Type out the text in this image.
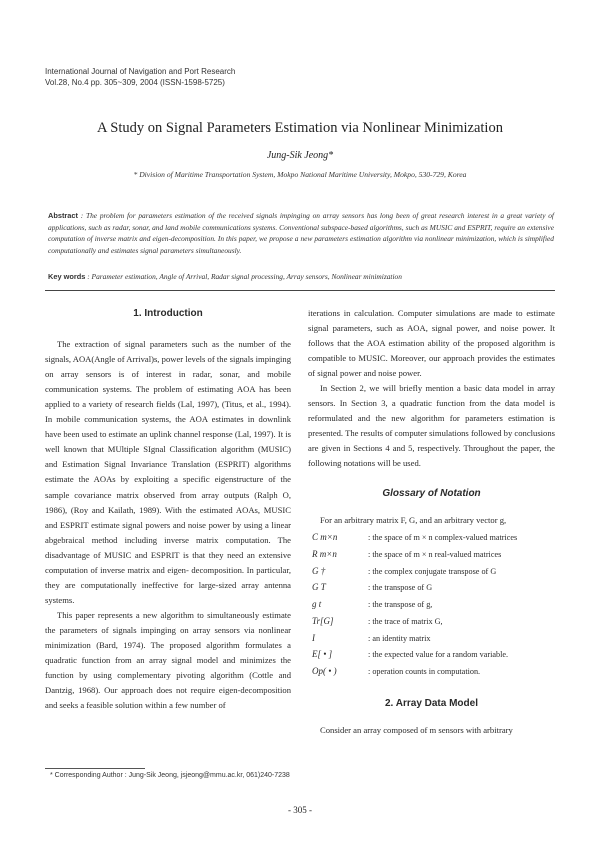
International Journal of Navigation and Port Research
Vol.28, No.4 pp. 305~309, 2004 (ISSN-1598-5725)
A Study on Signal Parameters Estimation via Nonlinear Minimization
Jung-Sik Jeong*
* Division of Maritime Transportation System, Mokpo National Maritime University, Mokpo, 530-729, Korea
Abstract : The problem for parameters estimation of the received signals impinging on array sensors has long been of great research interest in a great variety of applications, such as radar, sonar, and land mobile communications systems. Conventional subspace-based algorithms, such as MUSIC and ESPRIT, require an extensive computation of inverse matrix and eigen-decomposition. In this paper, we propose a new parameters estimation algorithm via nonlinear minimization, which is simplified computationally and estimates signal parameters simultaneously.
Key words : Parameter estimation, Angle of Arrival, Radar signal processing, Array sensors, Nonlinear minimization
1. Introduction

The extraction of signal parameters such as the number of the signals, AOA(Angle of Arrival)s, power levels of the signals impinging on array sensors is of interest in radar, sonar, and mobile communication systems. The problem of estimating AOA has been applied to a variety of research fields (Lal, 1997), (Titus, et al., 1994). In mobile communication systems, the AOA estimates in downlink have been used to estimate an uplink channel response (Lal, 1997). It is well known that MUltiple SIgnal Classification algorithm (MUSIC) and Estimation Signal Invariance Translation (ESPRIT) algorithms estimate the AOAs by exploiting a specific eigenstructure of the sample covariance matrix observed from array outputs (Ralph O, 1986), (Roy and Kailath, 1989). With the estimated AOAs, MUSIC and ESPRIT estimate signal powers and noise power by using a linear abgebraical method including inverse matrix computation. The disadvantage of MUSIC and ESPRIT is that they need an extensive computation of inverse matrix and eigen- decomposition. In particular, they are computationally ineffective for large-sized array antenna systems.

This paper represents a new algorithm to simultaneously estimate the parameters of signals impinging on array sensors via nonlinear minimization (Bard, 1974). The proposed algorithm formulates a quadratic function from an array signal model and minimizes the function by using complementary pivoting algorithm (Cottle and Dantzig, 1968). Our approach does not require eigen-decomposition and seeks a feasible solution within a few number of

iterations in calculation. Computer simulations are made to estimate signal parameters, such as AOA, signal power, and noise power. It follows that the AOA estimation ability of the proposed algorithm is compatible to MUSIC. Moreover, our approach provides the estimates of signal power and noise power.

In Section 2, we will briefly mention a basic data model in array sensors. In Section 3, a quadratic function from the data model is reformulated and the new algorithm for parameters estimation is presented. The results of computer simulations followed by conclusions are given in Sections 4 and 5, respectively. Throughout the paper, the following notations will be used.

Glossary of Notation

For an arbitrary matrix F, G, and an arbitrary vector g,

C m×n	: the space of m × n complex-valued matrices
R m×n	: the space of m × n real-valued matrices
G †	: the complex conjugate transpose of G
G T	: the transpose of G
g t	: the transpose of g,
Tr[G]	: the trace of matrix G,
I	: an identity matrix
E[ • ]	: the expected value for a random variable.
Op( • )	: operation counts in computation.
2. Array Data Model

Consider an array composed of m sensors with arbitrary

* Corresponding Author : Jung-Sik Jeong, jsjeong@mmu.ac.kr, 061)240-7238
- 305 -
